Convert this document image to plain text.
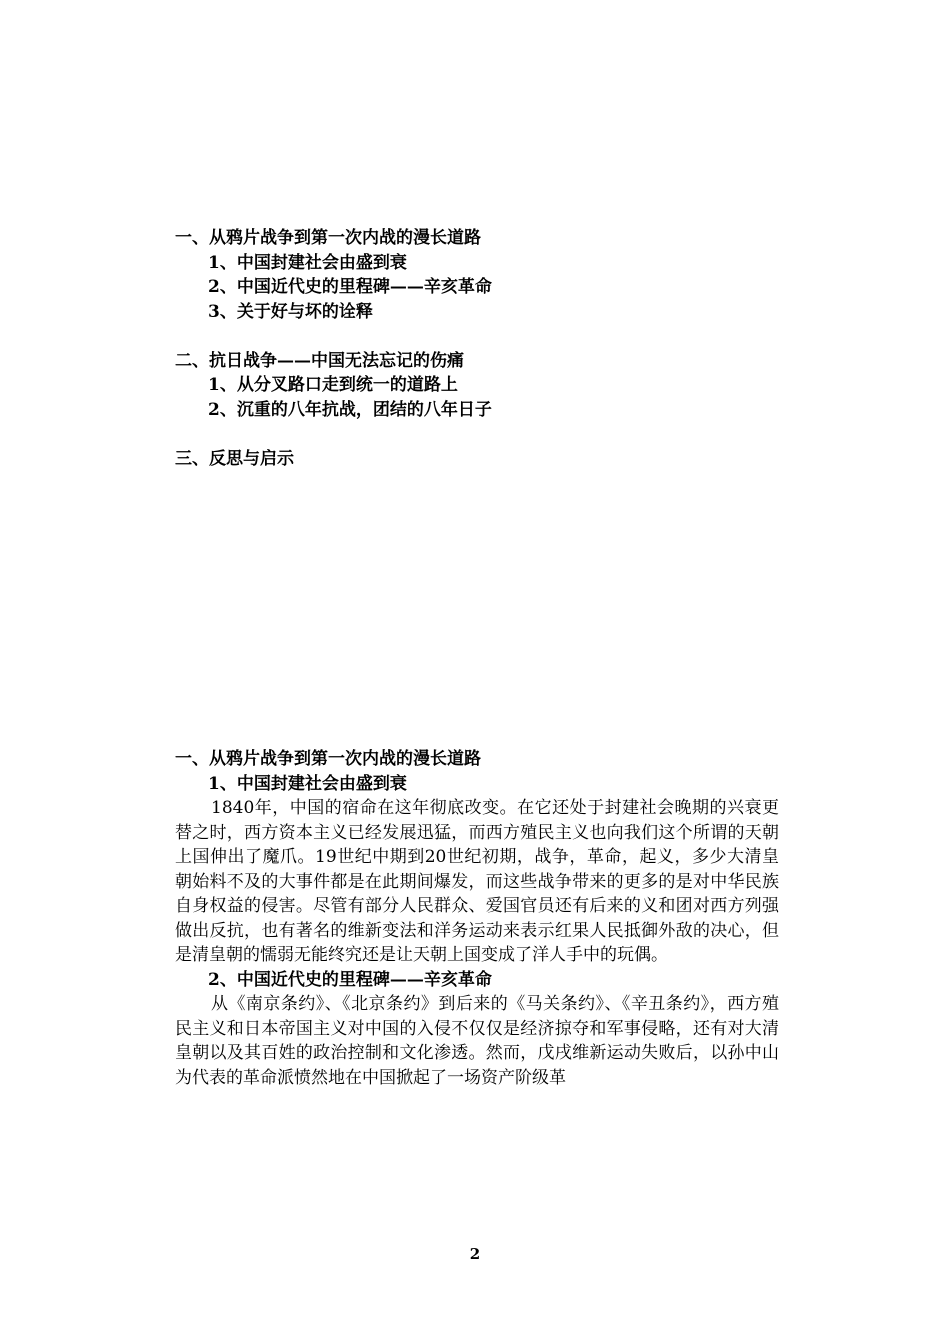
一、从鸦片战争到第一次内战的漫长道路
1、中国封建社会由盛到衰
2、中国近代史的里程碑——辛亥革命
3、关于好与坏的诠释
二、抗日战争——中国无法忘记的伤痛
1、从分叉路口走到统一的道路上
2、沉重的八年抗战，团结的八年日子
三、反思与启示
一、从鸦片战争到第一次内战的漫长道路
1、中国封建社会由盛到衰

1840年，中国的宿命在这年彻底改变。在它还处于封建社会晚期的兴衰更替之时，西方资本主义已经发展迅猛，而西方殖民主义也向我们这个所谓的天朝上国伸出了魔爪。19世纪中期到20世纪初期，战争，革命，起义，多少大清皇朝始料不及的大事件都是在此期间爆发，而这些战争带来的更多的是对中华民族自身权益的侵害。尽管有部分人民群众、爱国官员还有后来的义和团对西方列强做出反抗，也有著名的维新变法和洋务运动来表示红果人民抵御外敌的决心，但是清皇朝的懦弱无能终究还是让天朝上国变成了洋人手中的玩偶。

2、中国近代史的里程碑——辛亥革命

从《南京条约》、《北京条约》到后来的《马关条约》、《辛丑条约》，西方殖民主义和日本帝国主义对中国的入侵不仅仅是经济掠夺和军事侵略，还有对大清皇朝以及其百姓的政治控制和文化渗透。然而，戊戌维新运动失败后，以孙中山为代表的革命派愤然地在中国掀起了一场资产阶级革

2
